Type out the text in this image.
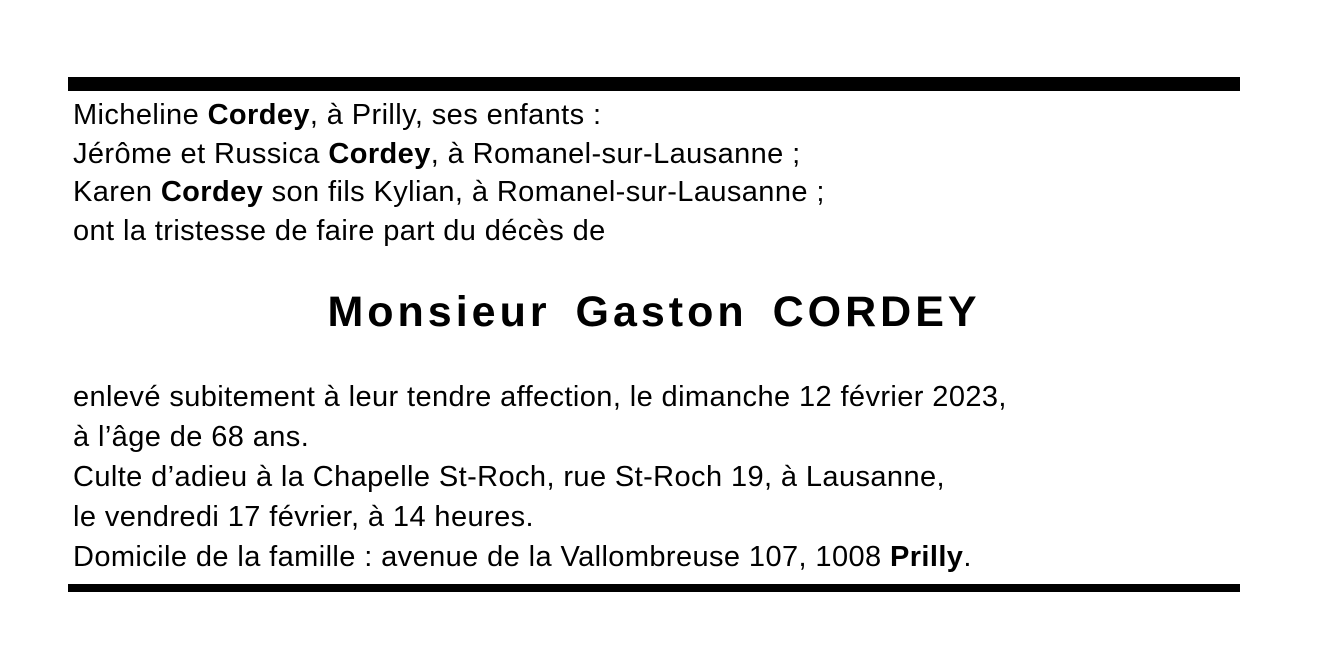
Micheline Cordey, à Prilly, ses enfants :

Jérôme et Russica Cordey, à Romanel-sur-Lausanne ;

Karen Cordey son fils Kylian, à Romanel-sur-Lausanne ;

ont la tristesse de faire part du décès de

Monsieur Gaston CORDEY

enlevé subitement à leur tendre affection, le dimanche 12 février 2023,

à l’âge de 68 ans.

Culte d’adieu à la Chapelle St-Roch, rue St-Roch 19, à Lausanne,

le vendredi 17 février, à 14 heures.

Domicile de la famille : avenue de la Vallombreuse 107, 1008 Prilly.
